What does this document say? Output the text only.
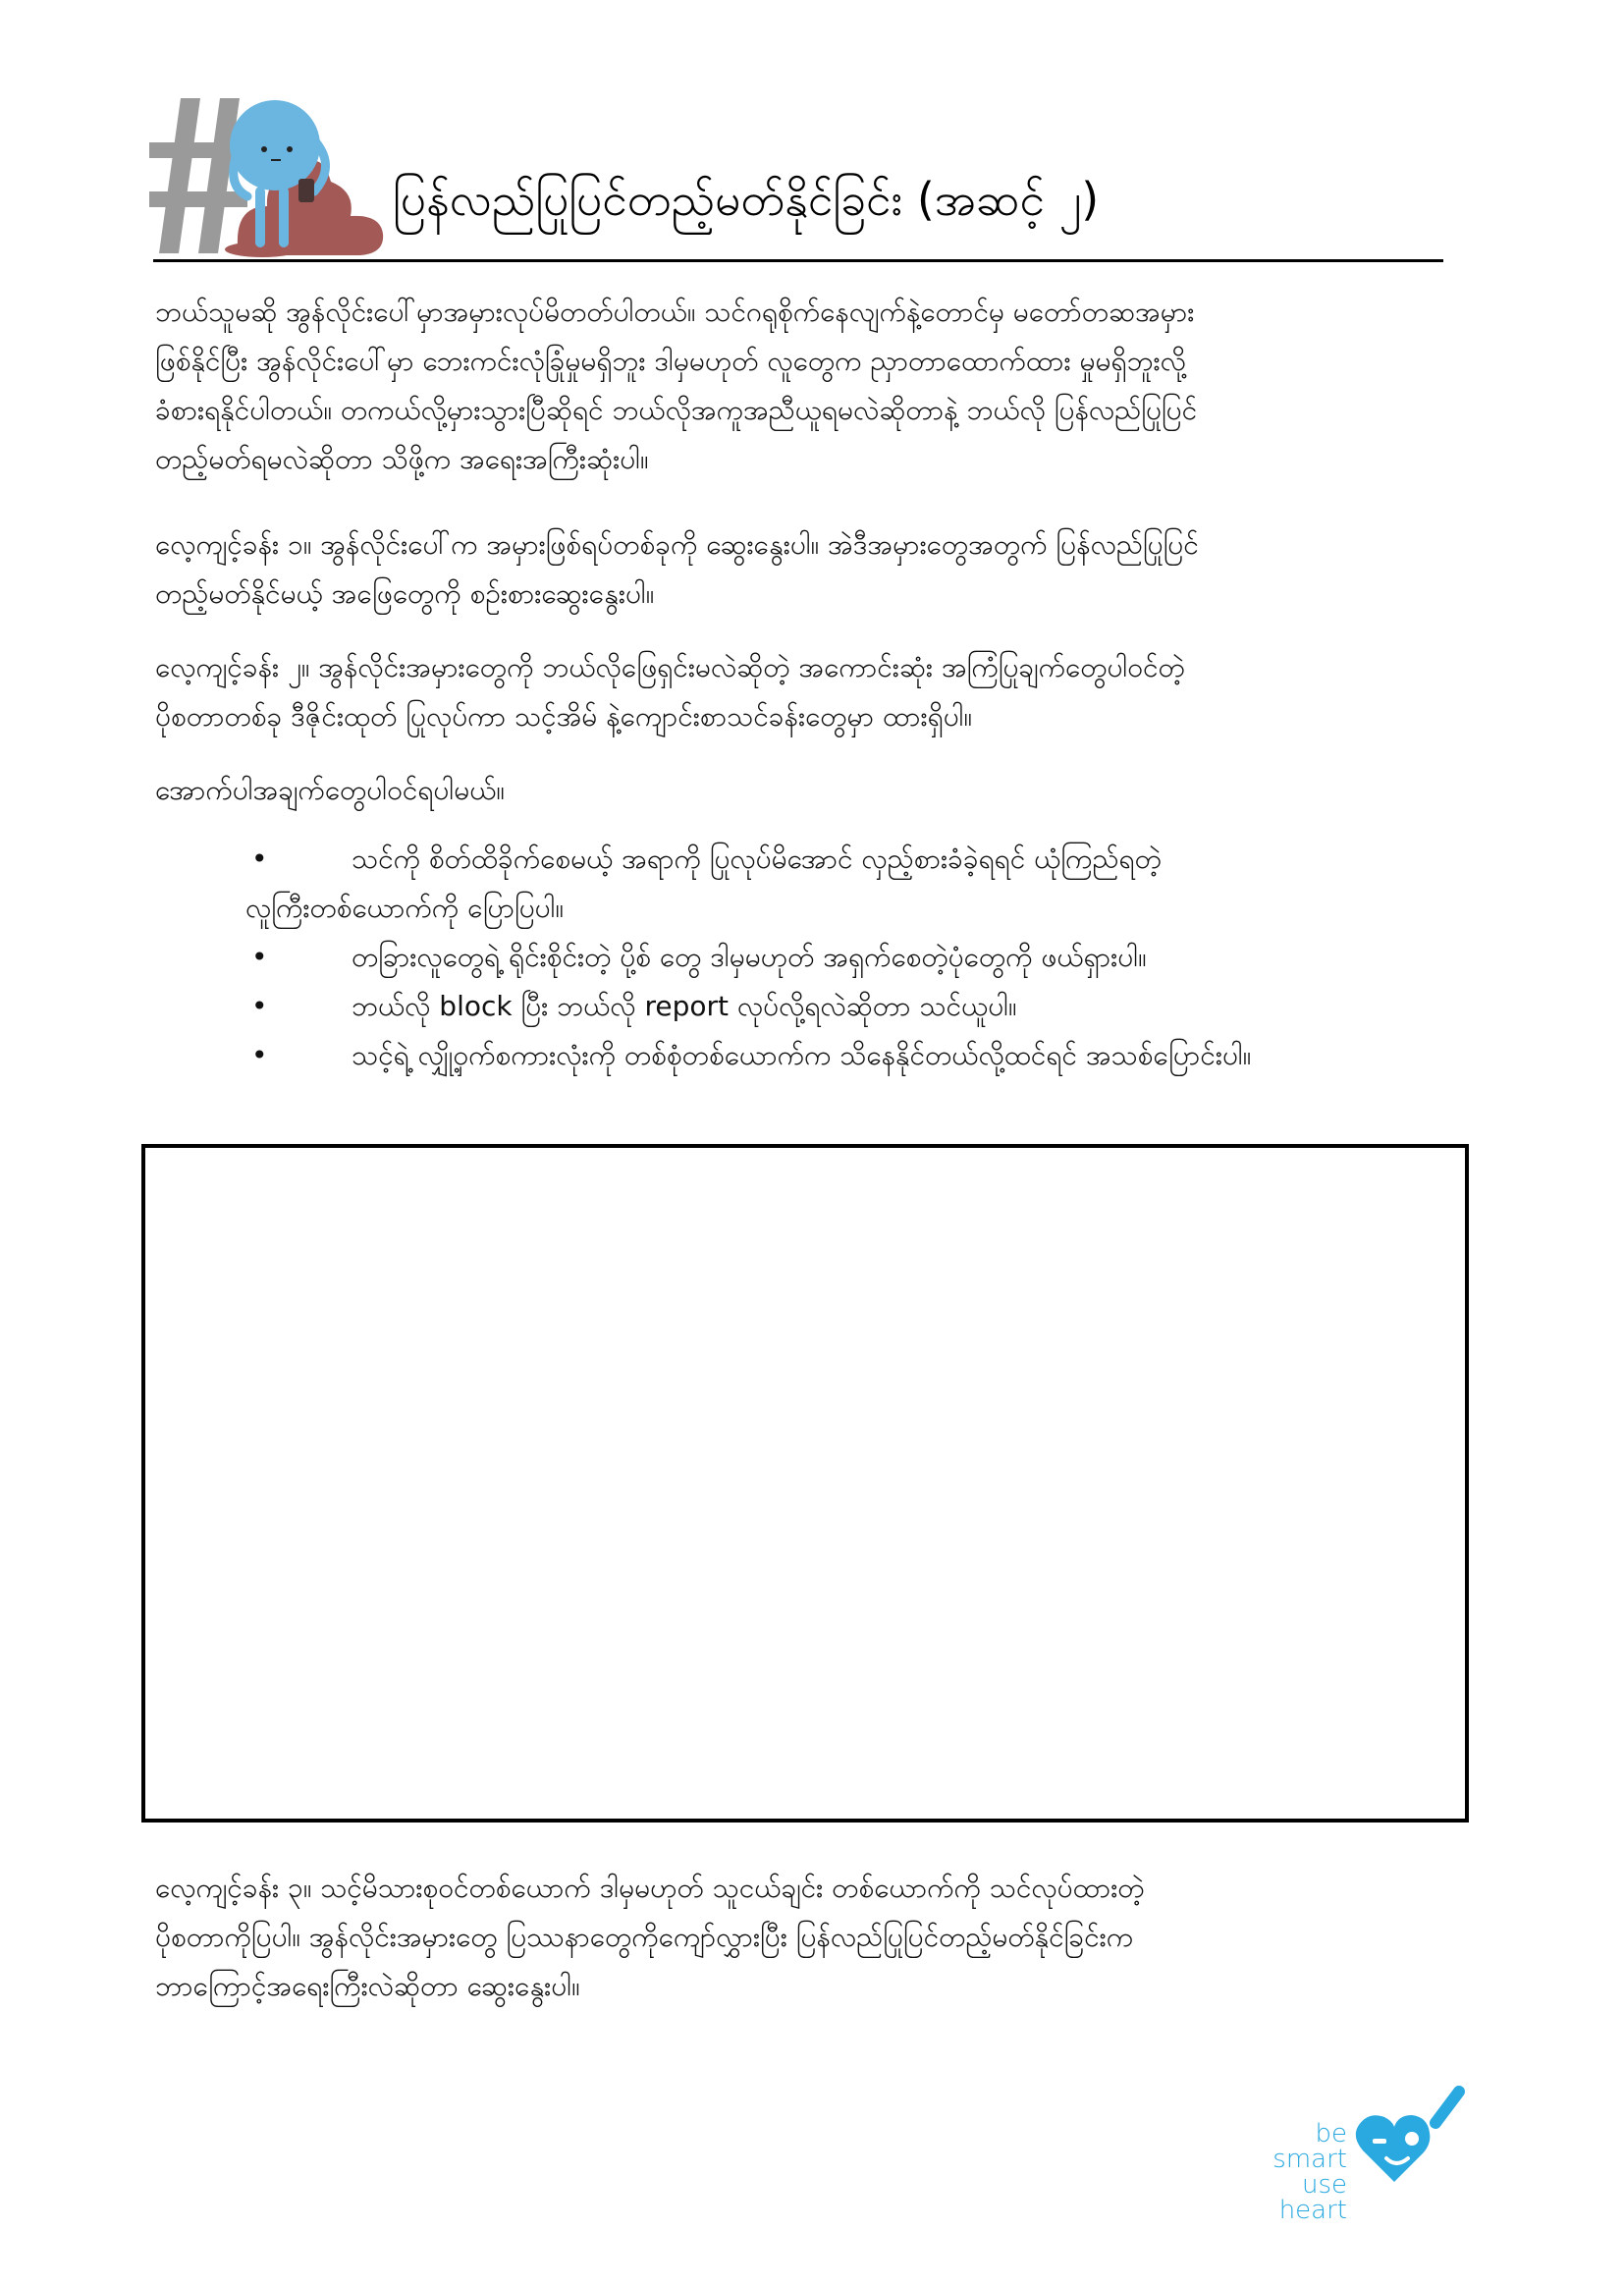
ပြန်လည်ပြုပြင်တည့်မတ်နိုင်ခြင်း (အဆင့် ၂)

ဘယ်သူမဆို အွန်လိုင်းပေါ်မှာအမှားလုပ်မိတတ်ပါတယ်။ သင်ဂရုစိုက်နေလျက်နဲ့တောင်မှ မတော်တဆအမှား

ဖြစ်နိုင်ပြီး အွန်လိုင်းပေါ်မှာ ဘေးကင်းလုံခြုံမှုမရှိဘူး ဒါမှမဟုတ် လူတွေက ညှာတာထောက်ထား မှုမရှိဘူးလို့

ခံစားရနိုင်ပါတယ်။ တကယ်လို့မှားသွားပြီဆိုရင် ဘယ်လိုအကူအညီယူရမလဲဆိုတာနဲ့ ဘယ်လို ပြန်လည်ပြုပြင်

တည့်မတ်ရမလဲဆိုတာ သိဖို့က အရေးအကြီးဆုံးပါ။

လေ့ကျင့်ခန်း ၁။ အွန်လိုင်းပေါ်က အမှားဖြစ်ရပ်တစ်ခုကို ဆွေးနွေးပါ။ အဲဒီအမှားတွေအတွက် ပြန်လည်ပြုပြင်

တည့်မတ်နိုင်မယ့် အဖြေတွေကို စဉ်းစားဆွေးနွေးပါ။

လေ့ကျင့်ခန်း ၂။ အွန်လိုင်းအမှားတွေကို ဘယ်လိုဖြေရှင်းမလဲဆိုတဲ့ အကောင်းဆုံး အကြံပြုချက်တွေပါဝင်တဲ့

ပိုစတာတစ်ခု ဒီဇိုင်းထုတ် ပြုလုပ်ကာ သင့်အိမ် နဲ့ကျောင်းစာသင်ခန်းတွေမှာ ထားရှိပါ။

အောက်ပါအချက်တွေပါဝင်ရပါမယ်။

•	သင်ကို စိတ်ထိခိုက်စေမယ့် အရာကို ပြုလုပ်မိအောင် လှည့်စားခံခဲ့ရရင် ယုံကြည်ရတဲ့
လူကြီးတစ်ယောက်ကို ပြောပြပါ။
•	တခြားလူတွေရဲ့ ရိုင်းစိုင်းတဲ့ ပို့စ် တွေ ဒါမှမဟုတ် အရှက်စေတဲ့ပုံတွေကို ဖယ်ရှားပါ။
•	ဘယ်လို block ပြီး ဘယ်လို report လုပ်လို့ရလဲဆိုတာ သင်ယူပါ။
•	သင့်ရဲ့ လျှို့ဝှက်စကားလုံးကို တစ်စုံတစ်ယောက်က သိနေနိုင်တယ်လို့ထင်ရင် အသစ်ပြောင်းပါ။

လေ့ကျင့်ခန်း ၃။ သင့်မိသားစုဝင်တစ်ယောက် ဒါမှမဟုတ် သူငယ်ချင်း တစ်ယောက်ကို သင်လုပ်ထားတဲ့

ပိုစတာကိုပြပါ။ အွန်လိုင်းအမှားတွေ ပြဿနာတွေကိုကျော်လွှားပြီး ပြန်လည်ပြုပြင်တည့်မတ်နိုင်ခြင်းက

ဘာကြောင့်အရေးကြီးလဲဆိုတာ ဆွေးနွေးပါ။

be smart
use heart
